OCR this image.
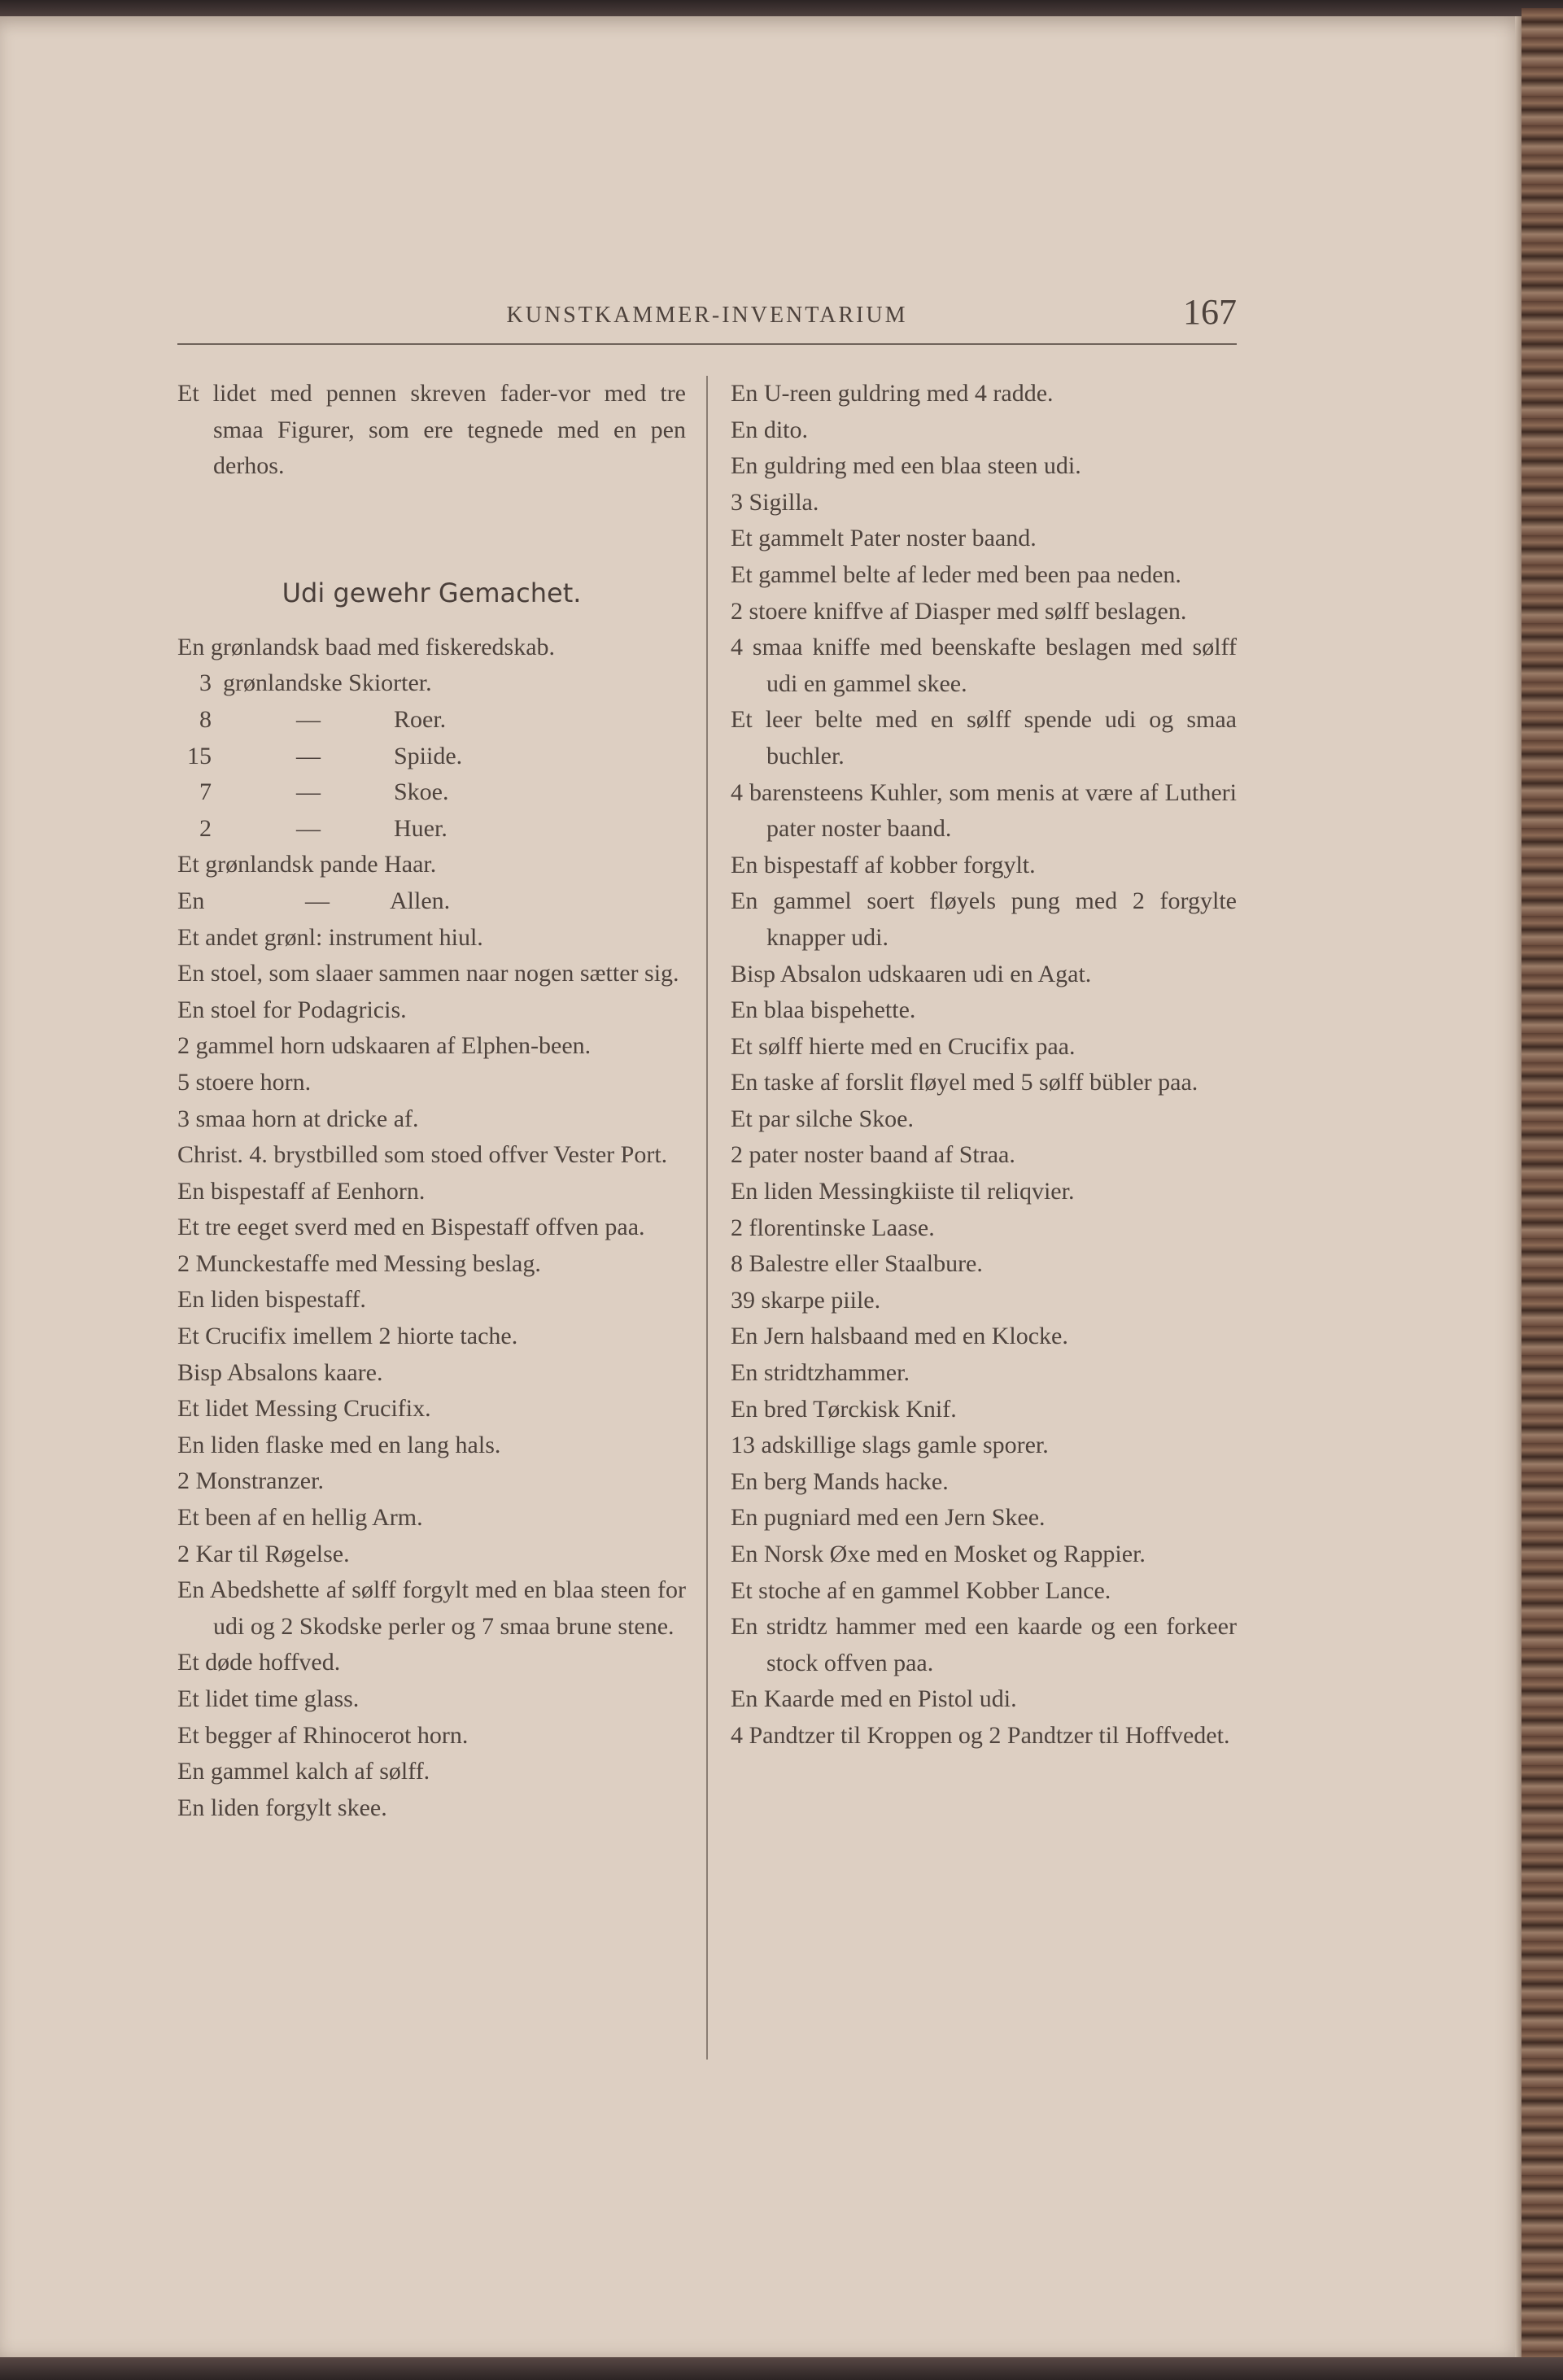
KUNSTKAMMER-INVENTARIUM	167
Et lidet med pennen skreven fader-vor med tre smaa Figurer, som ere tegnede med en pen derhos.
Udi gewehr Gemachet.
En grønlandsk baad med fiskeredskab.
3 grønlandske Skiorter.
8	—	Roer.
15	—	Spiide.
7	—	Skoe.
2	—	Huer.
Et grønlandsk pande Haar.
En	—	Allen.
Et andet grønl: instrument hiul.
En stoel, som slaaer sammen naar nogen sætter sig.
En stoel for Podagricis.
2 gammel horn udskaaren af Elphen-been.
5 stoere horn.
3 smaa horn at dricke af.
Christ. 4. brystbilled som stoed offver Vester Port.
En bispestaff af Eenhorn.
Et tre eeget sverd med en Bispestaff offven paa.
2 Munckestaffe med Messing beslag.
En liden bispestaff.
Et Crucifix imellem 2 hiorte tache.
Bisp Absalons kaare.
Et lidet Messing Crucifix.
En liden flaske med en lang hals.
2 Monstranzer.
Et been af en hellig Arm.
2 Kar til Røgelse.
En Abedshette af sølff forgylt med en blaa steen for udi og 2 Skodske perler og 7 smaa brune stene.
Et døde hoffved.
Et lidet time glass.
Et begger af Rhinocerot horn.
En gammel kalch af sølff.
En liden forgylt skee.
En U-reen guldring med 4 radde.
En dito.
En guldring med een blaa steen udi.
3 Sigilla.
Et gammelt Pater noster baand.
Et gammel belte af leder med been paa neden.
2 stoere kniffve af Diasper med sølff beslagen.
4 smaa kniffe med beenskafte beslagen med sølff udi en gammel skee.
Et leer belte med en sølff spende udi og smaa buchler.
4 barensteens Kuhler, som menis at være af Lutheri pater noster baand.
En bispestaff af kobber forgylt.
En gammel soert fløyels pung med 2 forgylte knapper udi.
Bisp Absalon udskaaren udi en Agat.
En blaa bispehette.
Et sølff hierte med en Crucifix paa.
En taske af forslit fløyel med 5 sølff bübler paa.
Et par silche Skoe.
2 pater noster baand af Straa.
En liden Messingkiiste til reliqvier.
2 florentinske Laase.
8 Balestre eller Staalbure.
39 skarpe piile.
En Jern halsbaand med en Klocke.
En stridtzhammer.
En bred Tørckisk Knif.
13 adskillige slags gamle sporer.
En berg Mands hacke.
En pugniard med een Jern Skee.
En Norsk Øxe med en Mosket og Rappier.
Et stoche af en gammel Kobber Lance.
En stridtz hammer med een kaarde og een forkeer stock offven paa.
En Kaarde med en Pistol udi.
4 Pandtzer til Kroppen og 2 Pandtzer til Hoffvedet.
